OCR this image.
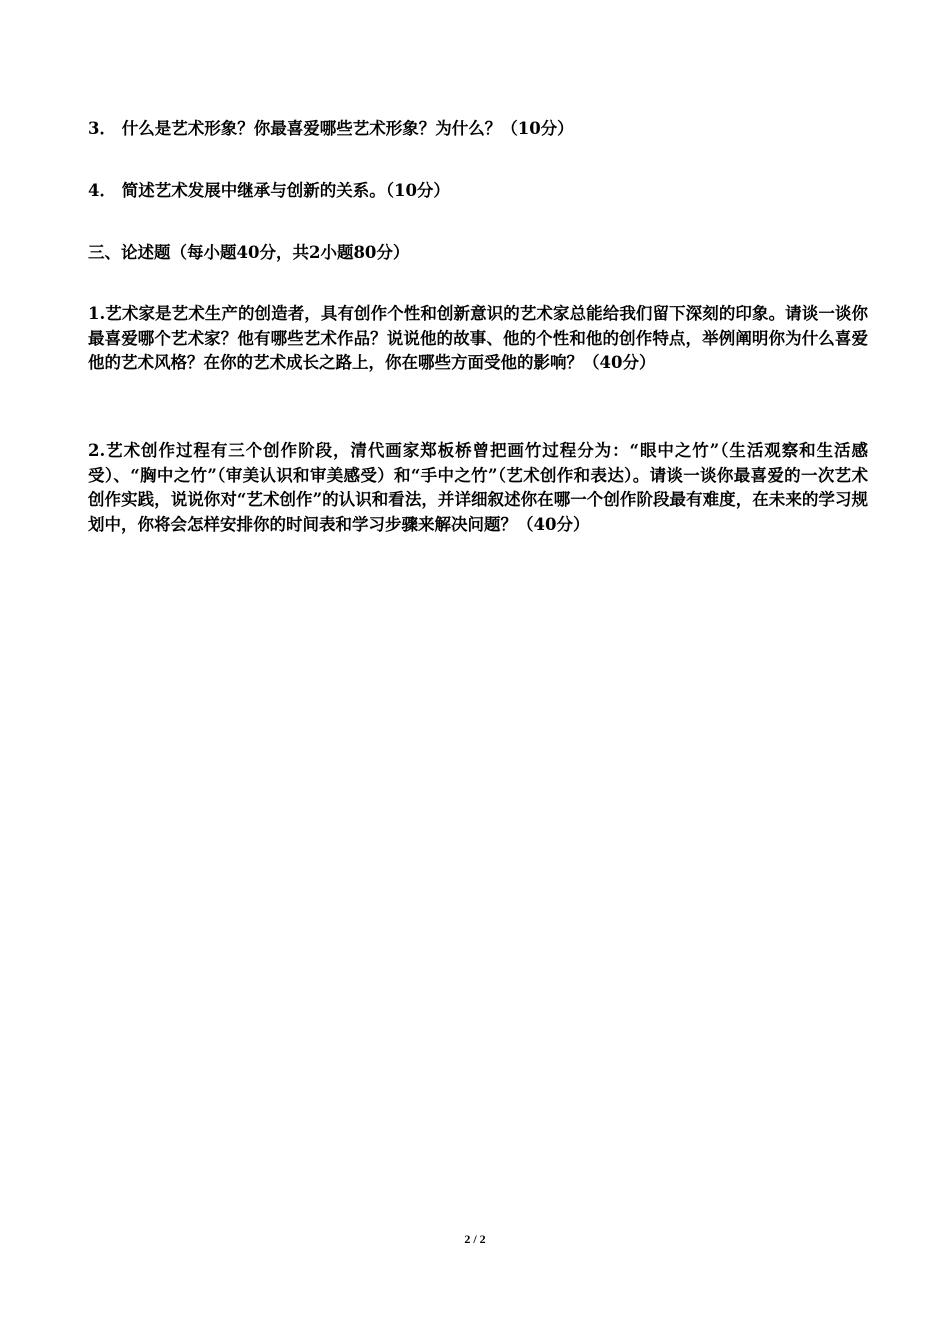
3． 什么是艺术形象？你最喜爱哪些艺术形象？为什么？（10分）
4． 简述艺术发展中继承与创新的关系。（10分）
三、论述题（每小题40分，共2小题80分）
1.艺术家是艺术生产的创造者，具有创作个性和创新意识的艺术家总能给我们留下深刻的印象。请谈一谈你最喜爱哪个艺术家？他有哪些艺术作品？说说他的故事、他的个性和他的创作特点，举例阐明你为什么喜爱他的艺术风格？在你的艺术成长之路上，你在哪些方面受他的影响？（40分）
2.艺术创作过程有三个创作阶段，清代画家郑板桥曾把画竹过程分为：“眼中之竹”（生活观察和生活感受）、“胸中之竹”（审美认识和审美感受）和“手中之竹”（艺术创作和表达）。请谈一谈你最喜爱的一次艺术创作实践，说说你对“艺术创作”的认识和看法，并详细叙述你在哪一个创作阶段最有难度，在未来的学习规划中，你将会怎样安排你的时间表和学习步骤来解决问题？（40分）
2 / 2
